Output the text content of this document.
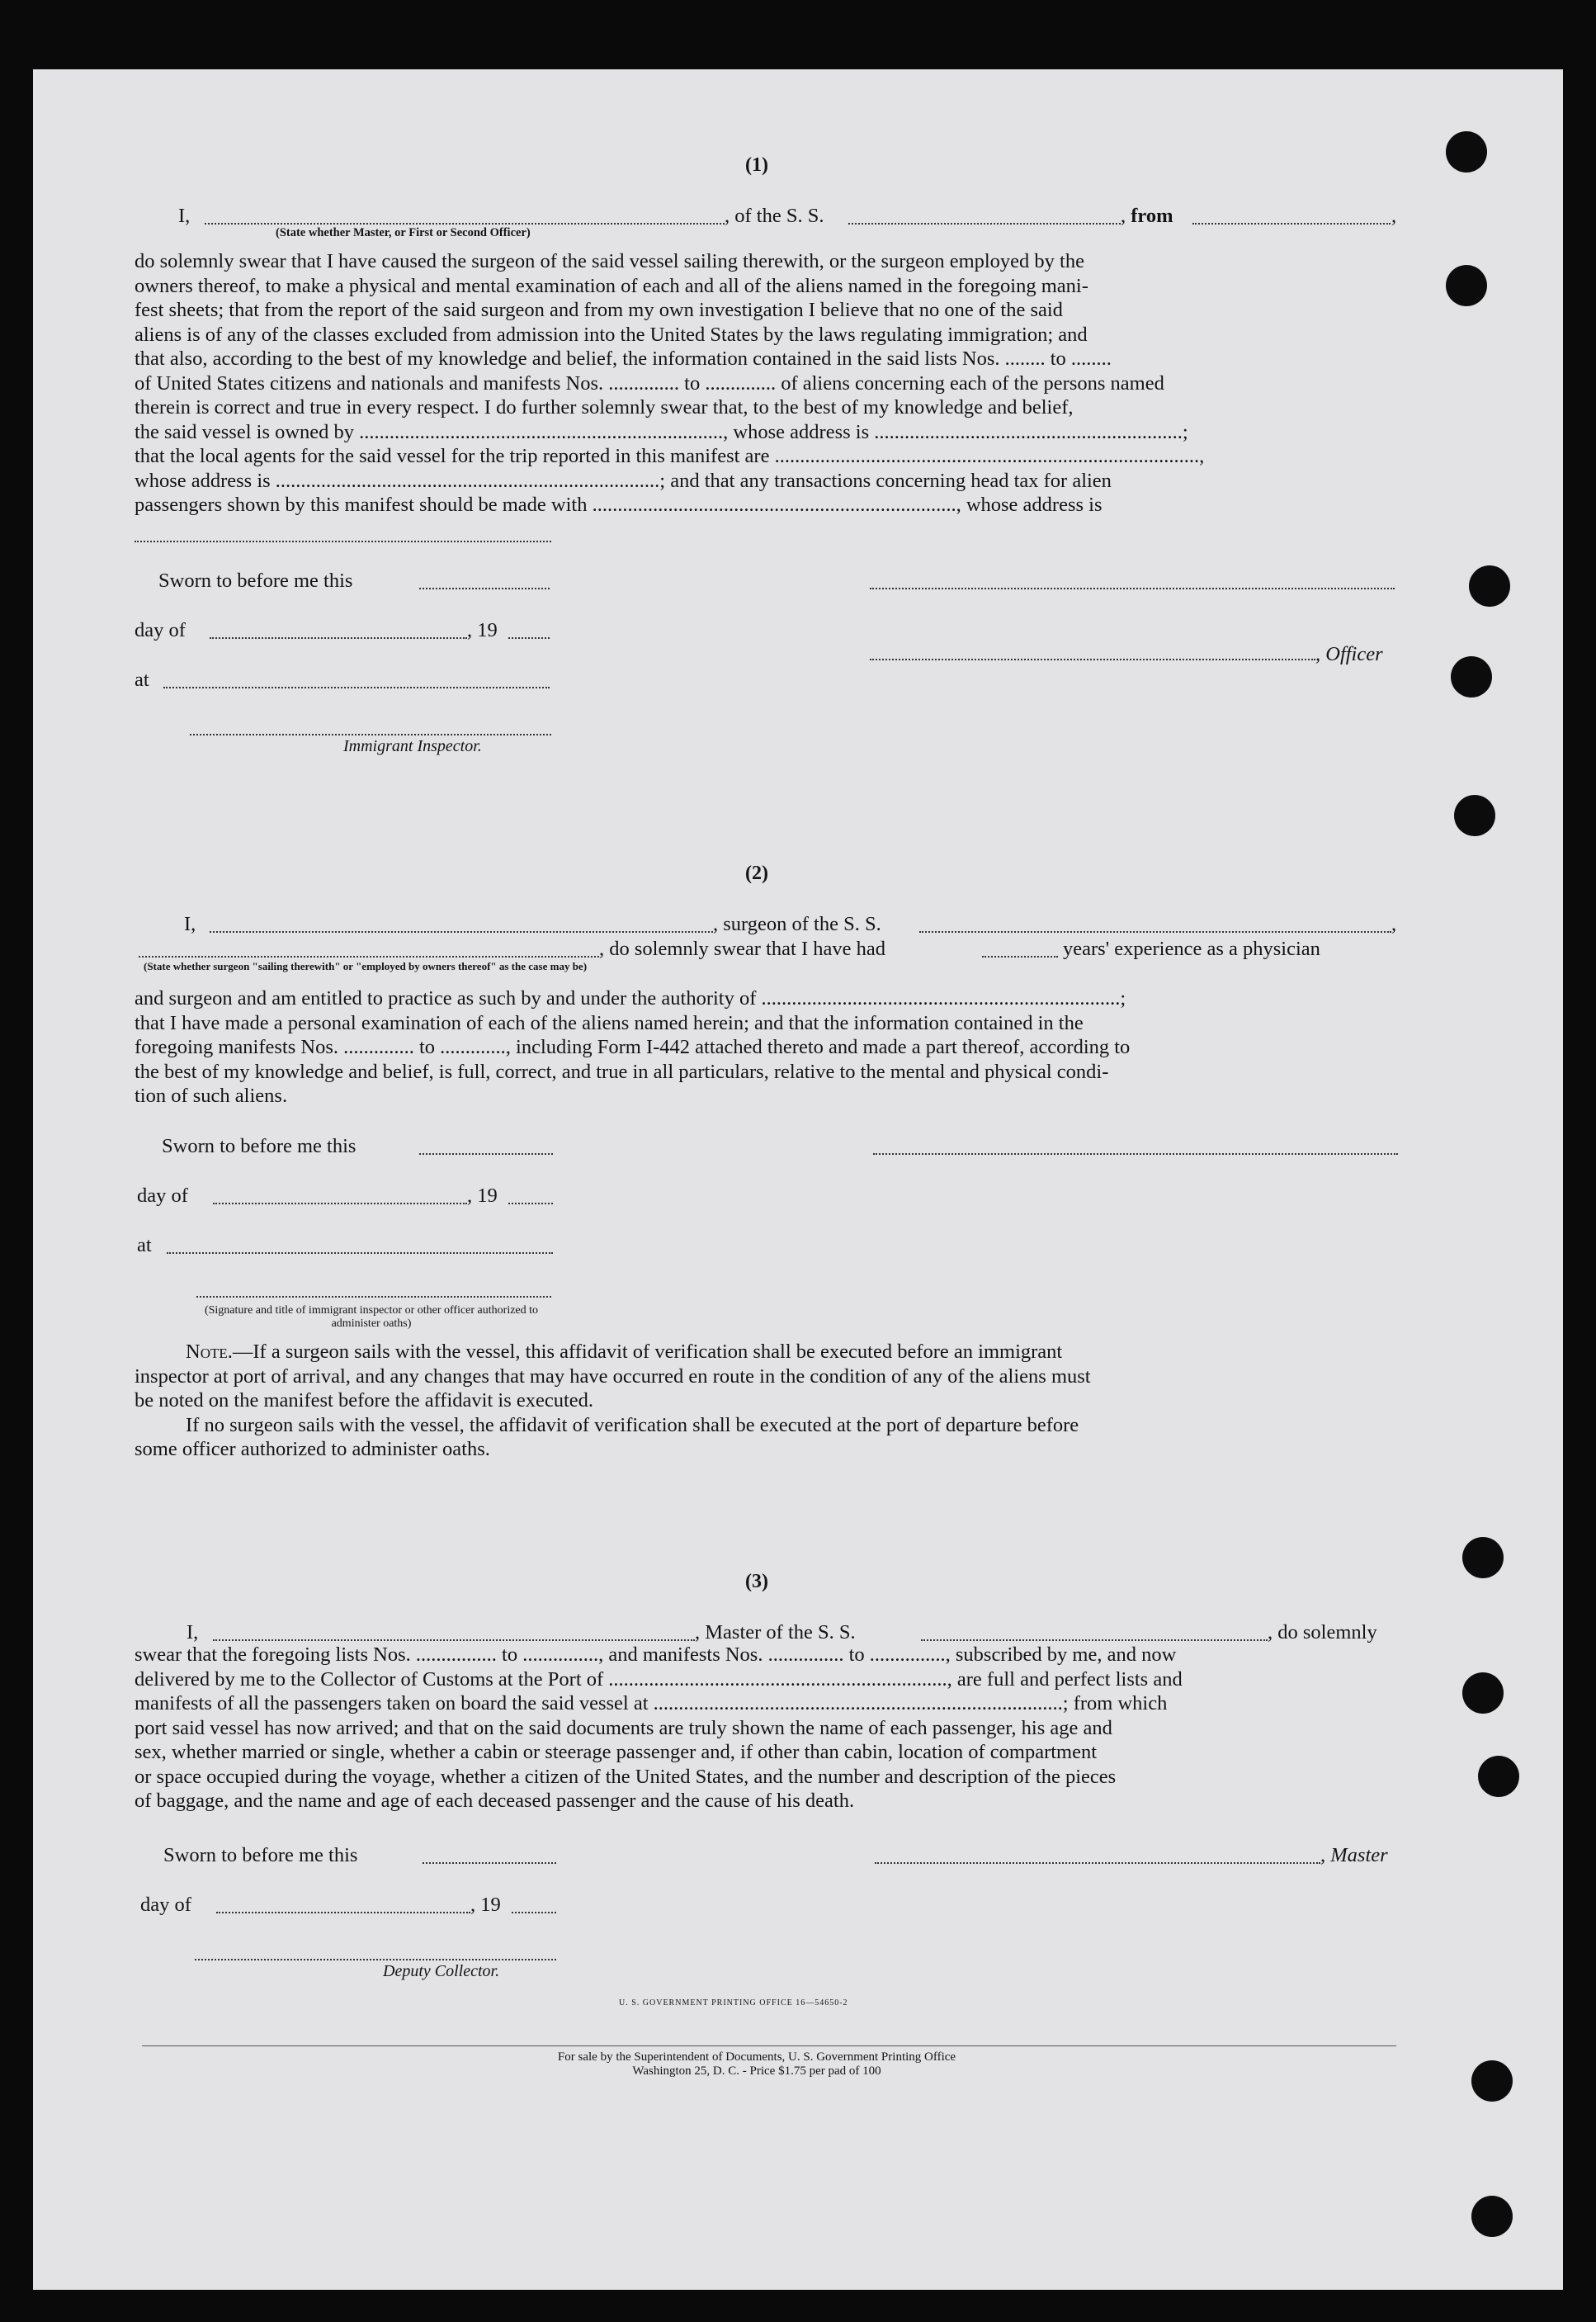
(1)
I,	, of the S. S.	, from	,
(State whether Master, or First or Second Officer)
do solemnly swear that I have caused the surgeon of the said vessel sailing therewith, or the surgeon employed by the
owners thereof, to make a physical and mental examination of each and all of the aliens named in the foregoing mani-
fest sheets; that from the report of the said surgeon and from my own investigation I believe that no one of the said
aliens is of any of the classes excluded from admission into the United States by the laws regulating immigration; and
that also, according to the best of my knowledge and belief, the information contained in the said lists Nos. ........ to ........
of United States citizens and nationals and manifests Nos. .............. to .............. of aliens concerning each of the persons named
therein is correct and true in every respect. I do further solemnly swear that, to the best of my knowledge and belief,
the said vessel is owned by ........................................................................, whose address is .............................................................;
that the local agents for the said vessel for the trip reported in this manifest are ....................................................................................,
whose address is ............................................................................; and that any transactions concerning head tax for alien
passengers shown by this manifest should be made with ........................................................................, whose address is
Sworn to before me this
day of	, 19
, Officer
at
Immigrant Inspector.
(2)
I,	, surgeon of the S. S.	,
, do solemnly swear that I have had	years' experience as a physician
(State whether surgeon "sailing therewith" or "employed by owners thereof" as the case may be)
and surgeon and am entitled to practice as such by and under the authority of .......................................................................;
that I have made a personal examination of each of the aliens named herein; and that the information contained in the
foregoing manifests Nos. .............. to ............., including Form I-442 attached thereto and made a part thereof, according to
the best of my knowledge and belief, is full, correct, and true in all particulars, relative to the mental and physical condi-
tion of such aliens.
Sworn to before me this
day of	, 19
at
(Signature and title of immigrant inspector or other officer authorized to administer oaths)
Note.—If a surgeon sails with the vessel, this affidavit of verification shall be executed before an immigrant
inspector at port of arrival, and any changes that may have occurred en route in the condition of any of the aliens must
be noted on the manifest before the affidavit is executed.
If no surgeon sails with the vessel, the affidavit of verification shall be executed at the port of departure before
some officer authorized to administer oaths.
(3)
I,	, Master of the S. S.	, do solemnly
swear that the foregoing lists Nos. ................ to ..............., and manifests Nos. ............... to ..............., subscribed by me, and now
delivered by me to the Collector of Customs at the Port of ..................................................................., are full and perfect lists and
manifests of all the passengers taken on board the said vessel at .................................................................................; from which
port said vessel has now arrived; and that on the said documents are truly shown the name of each passenger, his age and
sex, whether married or single, whether a cabin or steerage passenger and, if other than cabin, location of compartment
or space occupied during the voyage, whether a citizen of the United States, and the number and description of the pieces
of baggage, and the name and age of each deceased passenger and the cause of his death.
Sworn to before me this	, Master
day of	, 19
Deputy Collector.
U. S. GOVERNMENT PRINTING OFFICE 16—54650-2
For sale by the Superintendent of Documents, U. S. Government Printing Office
Washington 25, D. C. - Price $1.75 per pad of 100
